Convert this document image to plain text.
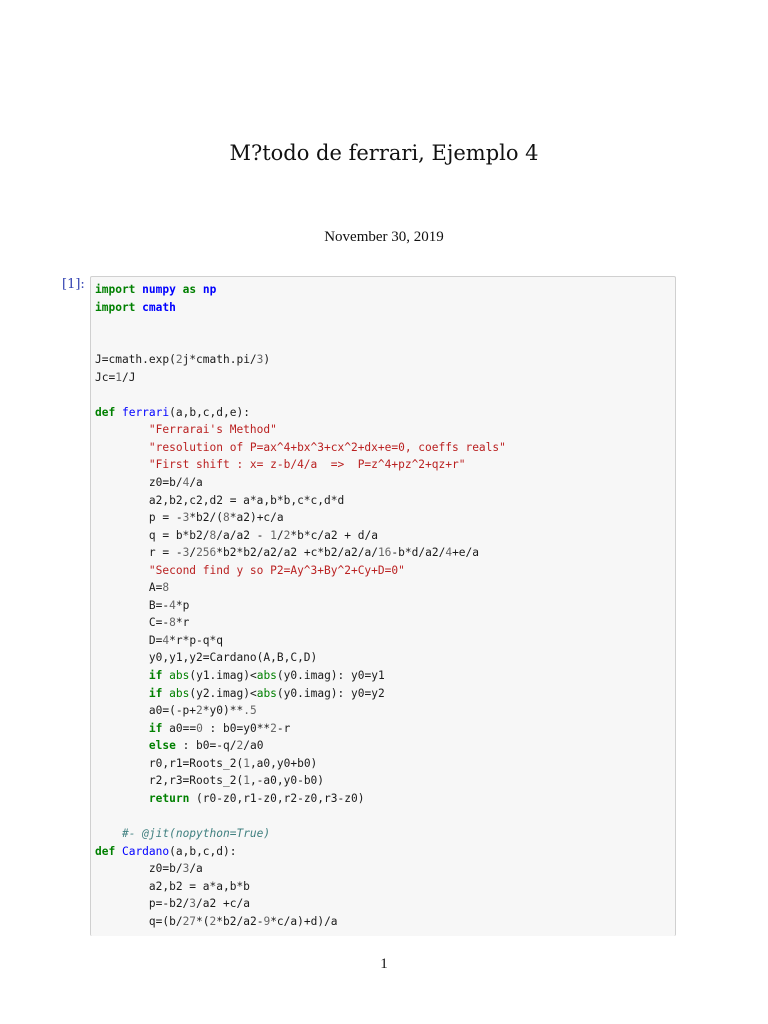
M?todo de ferrari, Ejemplo 4
November 30, 2019
[1]: import numpy as np
import cmath

J=cmath.exp(2j*cmath.pi/3)
Jc=1/J

def ferrari(a,b,c,d,e):
"Ferrarai's Method"
"resolution of P=ax^4+bx^3+cx^2+dx+e=0, coeffs reals"
"First shift : x= z-b/4/a  =>  P=z^4+pz^2+qz+r"
z0=b/4/a
a2,b2,c2,d2 = a*a,b*b,c*c,d*d
p = -3*b2/(8*a2)+c/a
q = b*b2/8/a/a2 - 1/2*b*c/a2 + d/a
r = -3/256*b2*b2/a2/a2 +c*b2/a2/a/16-b*d/a2/4+e/a
"Second find y so P2=Ay^3+By^2+Cy+D=0"
A=8
B=-4*p
C=-8*r
D=4*r*p-q*q
y0,y1,y2=Cardano(A,B,C,D)
if abs(y1.imag)<abs(y0.imag): y0=y1
if abs(y2.imag)<abs(y0.imag): y0=y2
a0=(-p+2*y0)**.5
if a0==0 : b0=y0**2-r
else : b0=-q/2/a0
r0,r1=Roots_2(1,a0,y0+b0)
r2,r3=Roots_2(1,-a0,y0-b0)
return (r0-z0,r1-z0,r2-z0,r3-z0)

#- @jit(nopython=True)
def Cardano(a,b,c,d):
z0=b/3/a
a2,b2 = a*a,b*b
p=-b2/3/a2 +c/a
q=(b/27*(2*b2/a2-9*c/a)+d)/a
1
